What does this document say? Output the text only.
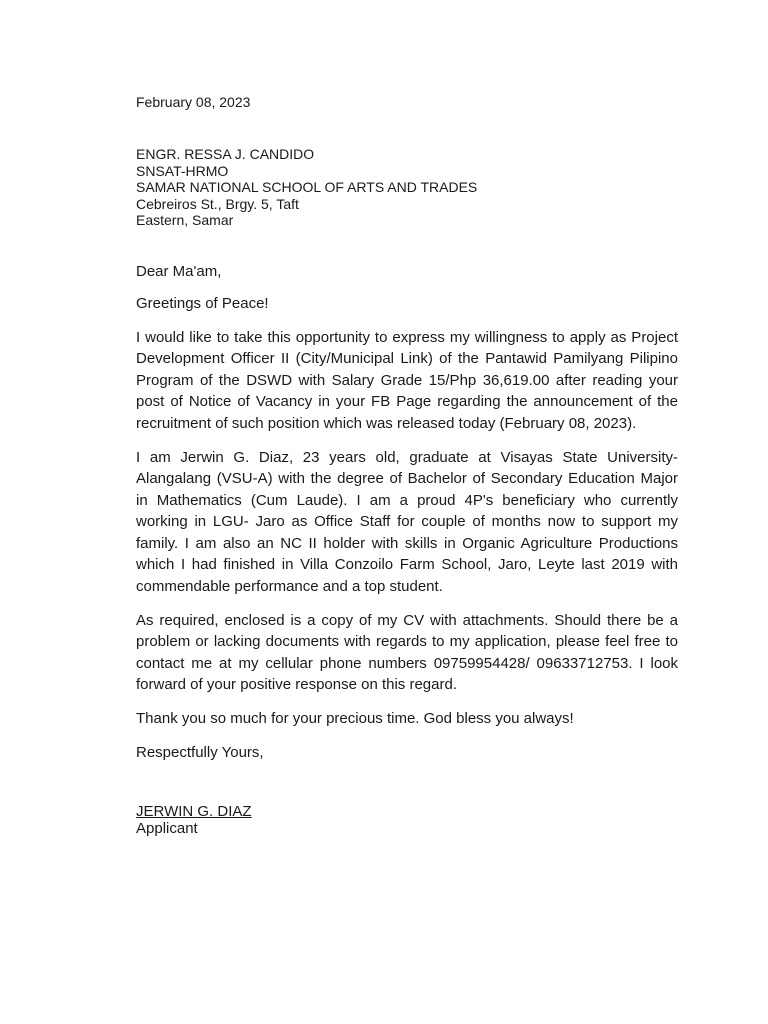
February 08, 2023
ENGR. RESSA J. CANDIDO
SNSAT-HRMO
SAMAR NATIONAL SCHOOL OF ARTS AND TRADES
Cebreiros St., Brgy. 5, Taft
Eastern, Samar

Dear Ma'am,

Greetings of Peace!

I would like to take this opportunity to express my willingness to apply as Project Development Officer II (City/Municipal Link) of the Pantawid Pamilyang Pilipino Program of the DSWD with Salary Grade 15/Php 36,619.00 after reading your post of Notice of Vacancy in your FB Page regarding the announcement of the recruitment of such position which was released today (February 08, 2023).

I am Jerwin G. Diaz, 23 years old, graduate at Visayas State University-Alangalang (VSU-A) with the degree of Bachelor of Secondary Education Major in Mathematics (Cum Laude). I am a proud 4P's beneficiary who currently working in LGU- Jaro as Office Staff for couple of months now to support my family. I am also an NC II holder with skills in Organic Agriculture Productions which I had finished in Villa Conzoilo Farm School, Jaro, Leyte last 2019 with commendable performance and a top student.

As required, enclosed is a copy of my CV with attachments. Should there be a problem or lacking documents with regards to my application, please feel free to contact me at my cellular phone numbers 09759954428/ 09633712753. I look forward of your positive response on this regard.

Thank you so much for your precious time. God bless you always!

Respectfully Yours,

JERWIN G. DIAZ
Applicant
